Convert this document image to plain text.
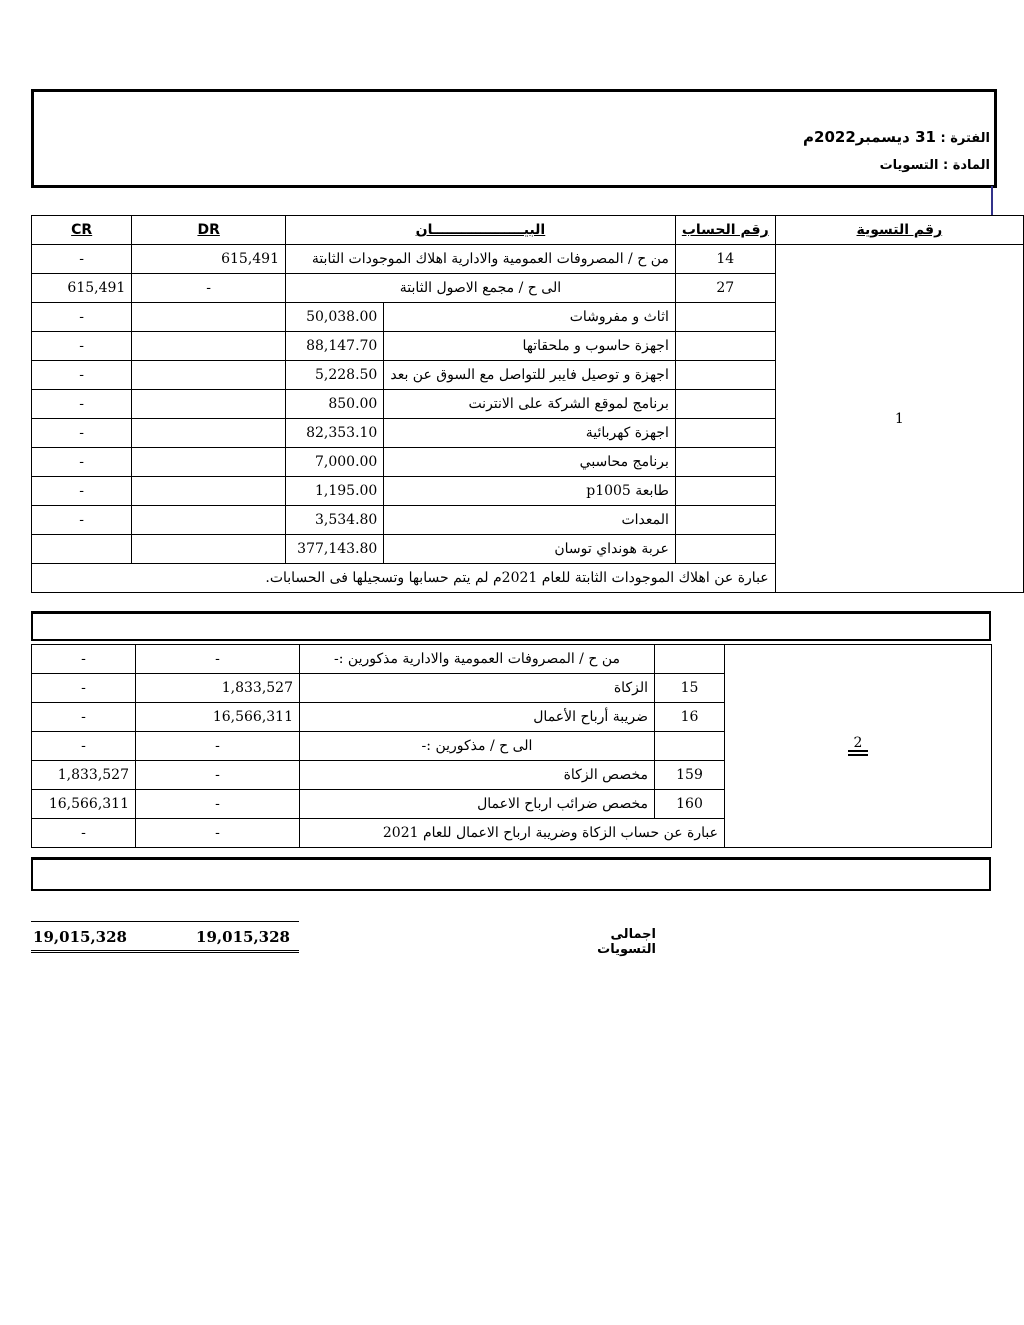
الفترة : 31 ديسمبر2022م
المادة : التسويات
CR	DR	البيـــــــــــــــــــان		رقم الحساب	رقم التسوية
-	615,491	من ح / المصروفات العمومية والادارية اهلاك الموجودات الثابتة		14	1
615,491	-	الى ح / مجمع الاصول الثابتة		27	
-		50,038.00	اثاث و مفروشات		
-		88,147.70	اجهزة حاسوب و ملحقاتها		
-		5,228.50	اجهزة و توصيل فايبر للتواصل مع السوق عن بعد		
-		850.00	برنامج لموقع الشركة على الانترنت		
-		82,353.10	اجهزة كهربائية		
-		7,000.00	برنامج محاسبي		
-		1,195.00	طابعة p1005		
-		3,534.80	المعدات		
		377,143.80	عربة هونداي توسان		
عبارة عن اهلاك الموجودات الثابتة للعام 2021م لم يتم حسابها وتسجيلها فى الحسابات.					
-	-	من ح / المصروفات العمومية والادارية مذكورين :-		2
-	1,833,527	الزكاة	15	
-	16,566,311	ضريبة أرباح الأعمال	16	
-	-	الى ح / مذكورين :-		
1,833,527	-	مخصص الزكاة	159	
16,566,311	-	مخصص ضرائب ارباح الاعمال	160	
-	-	عبارة عن حساب الزكاة وضريبة ارباح الاعمال للعام 2021		
19,015,328	19,015,328	اجمالى التسويات
